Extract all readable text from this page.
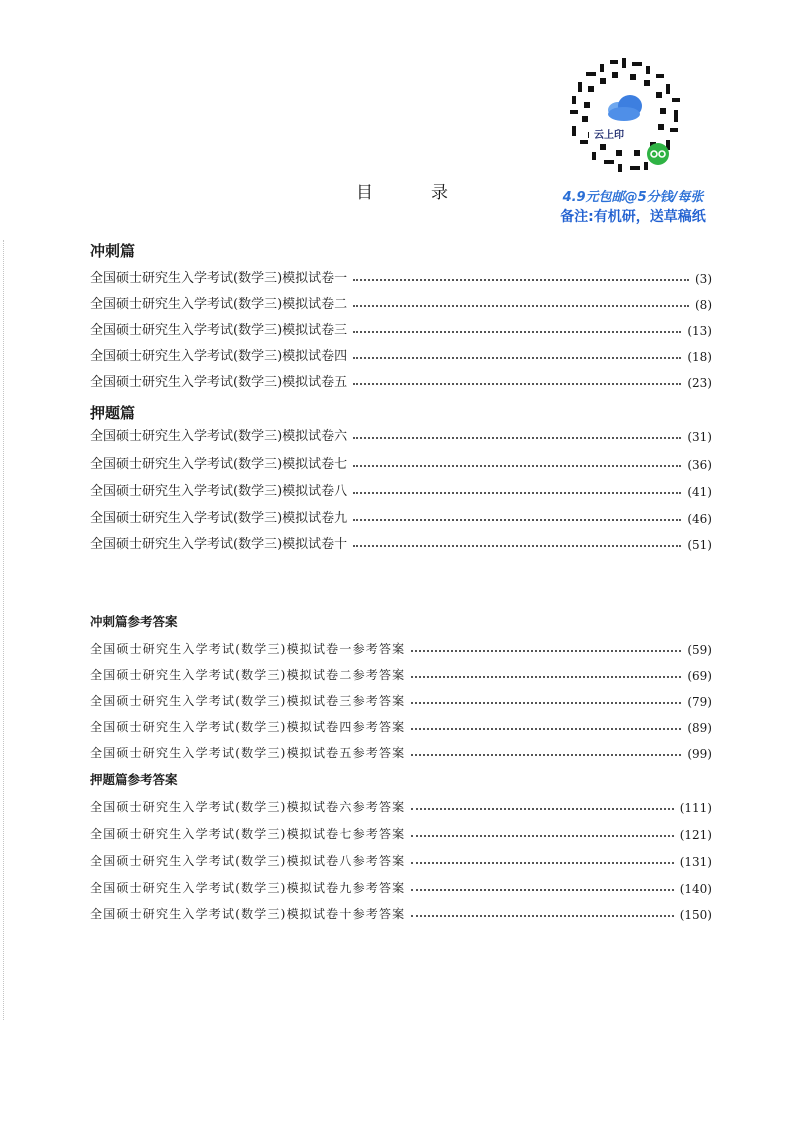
云上印
4.9元包邮@5分钱/每张
备注:有机研，送草稿纸
目录
冲刺篇
全国硕士研究生入学考试(数学三)模拟试卷一	(3)
全国硕士研究生入学考试(数学三)模拟试卷二	(8)
全国硕士研究生入学考试(数学三)模拟试卷三	(13)
全国硕士研究生入学考试(数学三)模拟试卷四	(18)
全国硕士研究生入学考试(数学三)模拟试卷五	(23)
押题篇
全国硕士研究生入学考试(数学三)模拟试卷六	(31)
全国硕士研究生入学考试(数学三)模拟试卷七	(36)
全国硕士研究生入学考试(数学三)模拟试卷八	(41)
全国硕士研究生入学考试(数学三)模拟试卷九	(46)
全国硕士研究生入学考试(数学三)模拟试卷十	(51)
冲刺篇参考答案
全国硕士研究生入学考试(数学三)模拟试卷一参考答案	(59)
全国硕士研究生入学考试(数学三)模拟试卷二参考答案	(69)
全国硕士研究生入学考试(数学三)模拟试卷三参考答案	(79)
全国硕士研究生入学考试(数学三)模拟试卷四参考答案	(89)
全国硕士研究生入学考试(数学三)模拟试卷五参考答案	(99)
押题篇参考答案
全国硕士研究生入学考试(数学三)模拟试卷六参考答案	(111)
全国硕士研究生入学考试(数学三)模拟试卷七参考答案	(121)
全国硕士研究生入学考试(数学三)模拟试卷八参考答案	(131)
全国硕士研究生入学考试(数学三)模拟试卷九参考答案	(140)
全国硕士研究生入学考试(数学三)模拟试卷十参考答案	(150)
